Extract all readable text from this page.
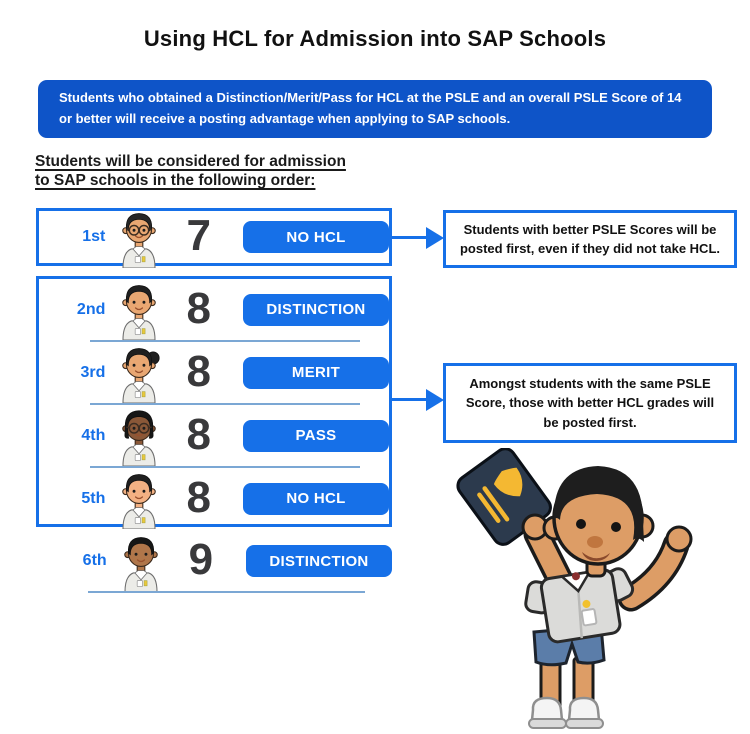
Using HCL for Admission into SAP Schools
Students who obtained a Distinction/Merit/Pass for HCL at the PSLE and an overall PSLE Score of 14 or better will receive a posting advantage when applying to SAP schools.
Students will be considered for admission
to SAP schools in the following order:
1st	7	NO HCL
2nd	8	DISTINCTION
3rd	8	MERIT
4th	8	PASS
5th	8	NO HCL
6th	9	DISTINCTION
Students with better PSLE Scores will be posted first, even if they did not take HCL.
Amongst students with the same PSLE Score, those with better HCL grades will be posted first.
